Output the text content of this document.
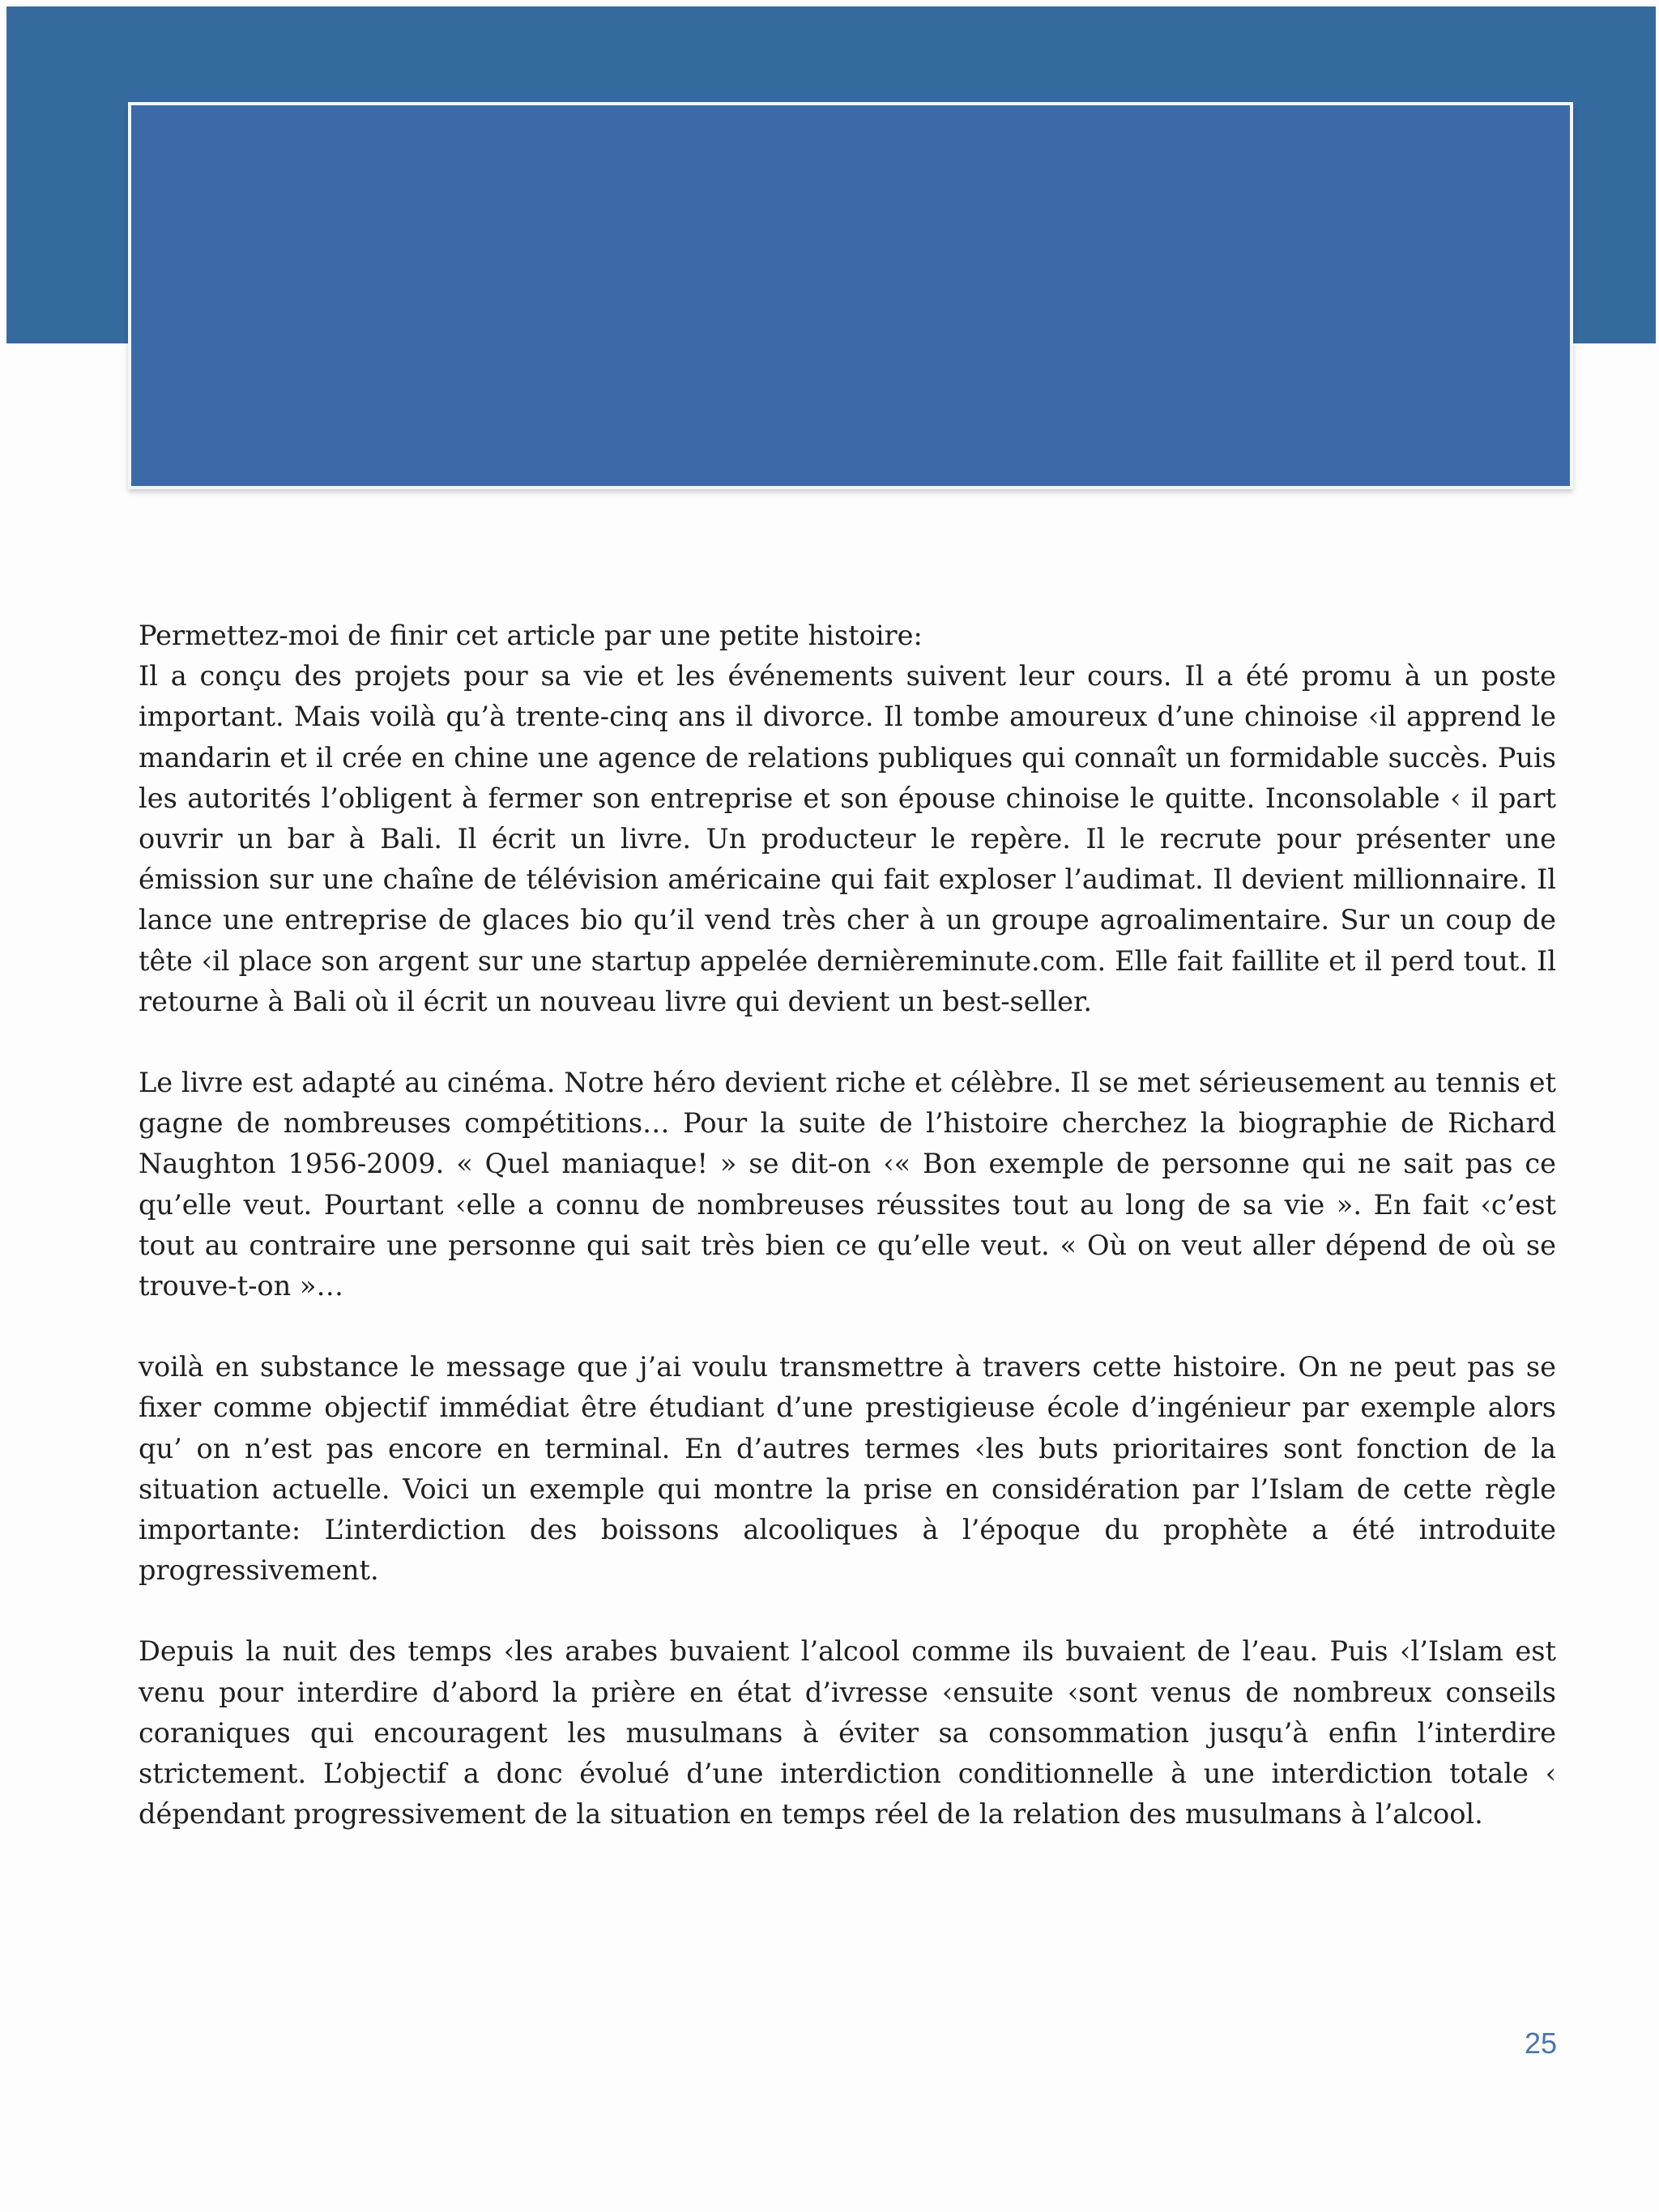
Permettez-moi de finir cet article par une petite histoire:

Il a conçu des projets pour sa vie et les événements suivent leur cours. Il a été promu à un poste important. Mais voilà qu’à trente-cinq ans il divorce. Il tombe amoureux d’une chinoise ‹il apprend le mandarin et il crée en chine une agence de relations publiques qui connaît un formidable succès. Puis les autorités l’obligent à fermer son entreprise et son épouse chinoise le quitte. Inconsolable ‹ il part ouvrir un bar à Bali. Il écrit un livre. Un producteur le repère. Il le recrute pour présenter une émission sur une chaîne de télévision américaine qui fait exploser l’audimat. Il devient millionnaire. Il lance une entreprise de glaces bio qu’il vend très cher à un groupe agroalimentaire. Sur un coup de tête ‹il place son argent sur une startup appelée dernièreminute.com. Elle fait faillite et il perd tout. Il retourne à Bali où il écrit un nouveau livre qui devient un best-seller.

Le livre est adapté au cinéma. Notre héro devient riche et célèbre. Il se met sérieusement au tennis et gagne de nombreuses compétitions… Pour la suite de l’histoire cherchez la biographie de Richard Naughton 1956-2009. « Quel maniaque! » se dit-on ‹« Bon exemple de personne qui ne sait pas ce qu’elle veut. Pourtant ‹elle a connu de nombreuses réussites tout au long de sa vie ». En fait ‹c’est tout au contraire une personne qui sait très bien ce qu’elle veut. « Où on veut aller dépend de où se trouve-t-on »…

voilà en substance le message que j’ai voulu transmettre à travers cette histoire. On ne peut pas se fixer comme objectif immédiat être étudiant d’une prestigieuse école d’ingénieur par exemple alors qu’ on n’est pas encore en terminal. En d’autres termes ‹les buts prioritaires sont fonction de la situation actuelle. Voici un exemple qui montre la prise en considération par l’Islam de cette règle importante: L’interdiction des boissons alcooliques à l’époque du prophète a été introduite progressivement.

Depuis la nuit des temps ‹les arabes buvaient l’alcool comme ils buvaient de l’eau. Puis ‹l’Islam est venu pour interdire d’abord la prière en état d’ivresse ‹ensuite ‹sont venus de nombreux conseils coraniques qui encouragent les musulmans à éviter sa consommation jusqu’à enfin l’interdire strictement. L’objectif a donc évolué d’une interdiction conditionnelle à une interdiction totale ‹ dépendant progressivement de la situation en temps réel de la relation des musulmans à l’alcool.

25
